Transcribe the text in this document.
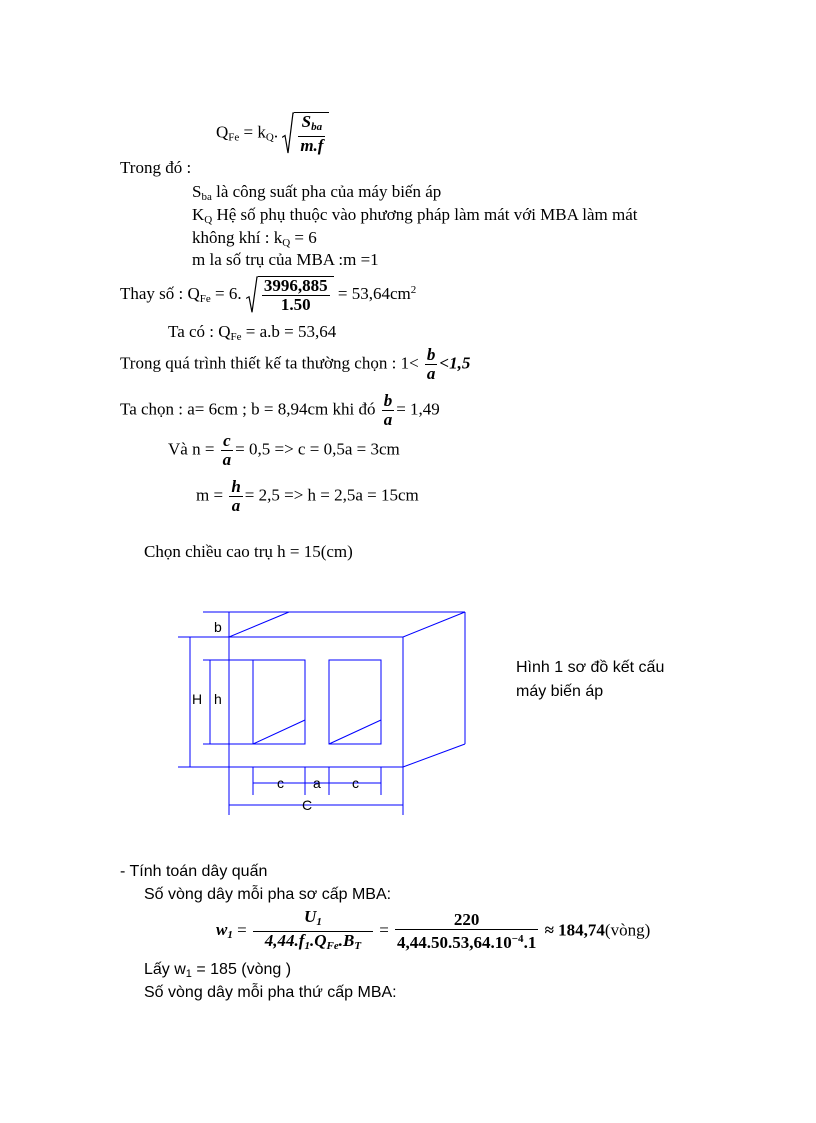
$Q_{Fe} = k_Q$. $\frac{S_{ba}}{m.f}$
Trong đó :
$S_{ba}$ là công suất pha của máy biến áp
$K_Q$ Hệ số phụ thuộc vào phương pháp làm mát với MBA làm mát
không khí : $k_Q = 6$
m la số trụ của MBA :m =1
Thay số : $Q_{Fe} = 6$. $\frac{3996,885}{1.50} = 53,64cm^2$
Ta có : $Q_{Fe} = a.b = 53,64$
Trong quá trình thiết kế ta thường chọn : $1< \frac{b}{a} <1,5$
Ta chọn : a= 6cm ; b = 8,94cm khi đó $\frac{b}{a} = 1,49$
Và $n = \frac{c}{a} = 0,5 => c = 0,5a = 3cm$
$m = \frac{h}{a} = 2,5 => h = 2,5a = 15cm$
Chọn chiều cao trụ h = 15(cm)
b
H h
c a c
C
Hình 1 sơ đồ kết cấu
máy biến áp
- Tính toán dây quấn
Số vòng dây mỗi pha sơ cấp MBA:
$w_1 = \frac{U_1}{4,44.f_1.Q_{Fe}.B_T} = \frac{220}{4,44.50.53,64.10^{-4}.1}$ ≈ 184,74(vòng)
Lấy $w_1 = 185$ (vòng )
Số vòng dây mỗi pha thứ cấp MBA:
